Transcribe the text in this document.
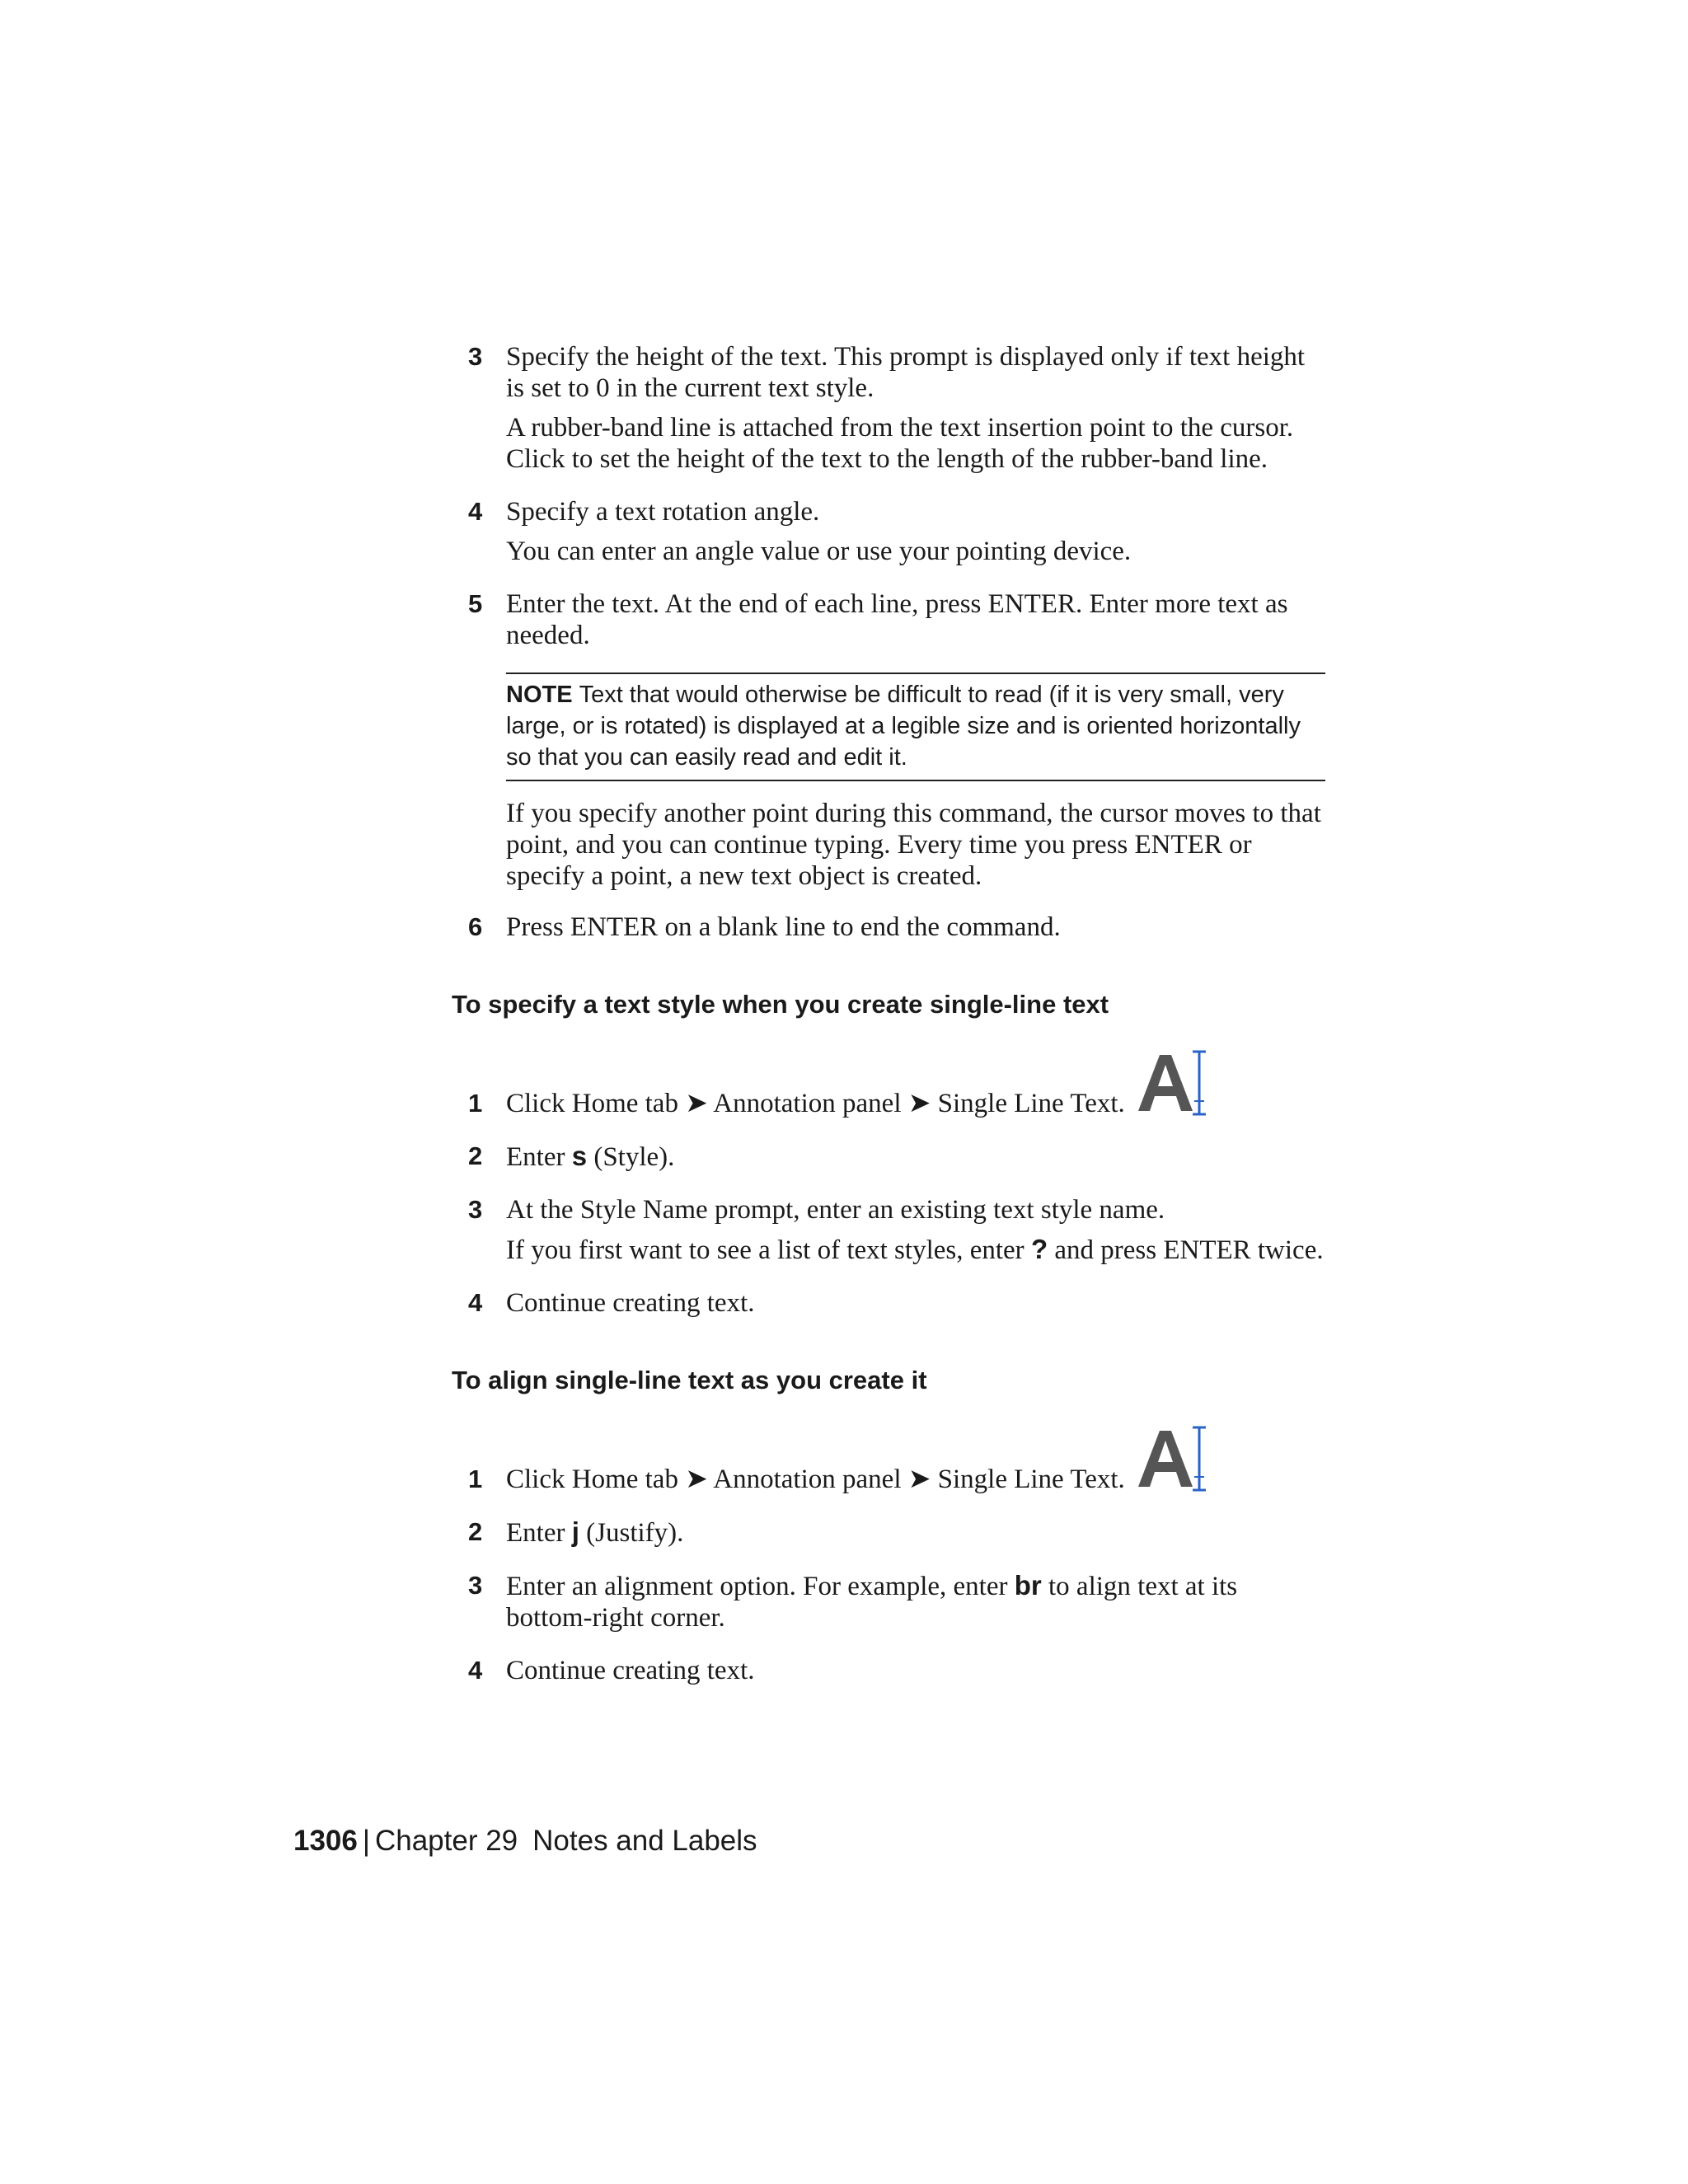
3 Specify the height of the text. This prompt is displayed only if text height is set to 0 in the current text style.

A rubber-band line is attached from the text insertion point to the cursor. Click to set the height of the text to the length of the rubber-band line.

4 Specify a text rotation angle.

You can enter an angle value or use your pointing device.

5 Enter the text. At the end of each line, press ENTER. Enter more text as needed.

NOTE Text that would otherwise be difficult to read (if it is very small, very large, or is rotated) is displayed at a legible size and is oriented horizontally so that you can easily read and edit it.

If you specify another point during this command, the cursor moves to that point, and you can continue typing. Every time you press ENTER or specify a point, a new text object is created.

6 Press ENTER on a blank line to end the command.

To specify a text style when you create single-line text
1 Click Home tab ➤ Annotation panel ➤ Single Line Text.
2 Enter s (Style).

3 At the Style Name prompt, enter an existing text style name.

If you first want to see a list of text styles, enter ? and press ENTER twice.

4 Continue creating text.

To align single-line text as you create it
1 Click Home tab ➤ Annotation panel ➤ Single Line Text.
2 Enter j (Justify).

3 Enter an alignment option. For example, enter br to align text at its bottom-right corner.

4 Continue creating text.

1306 | Chapter 29 Notes and Labels
